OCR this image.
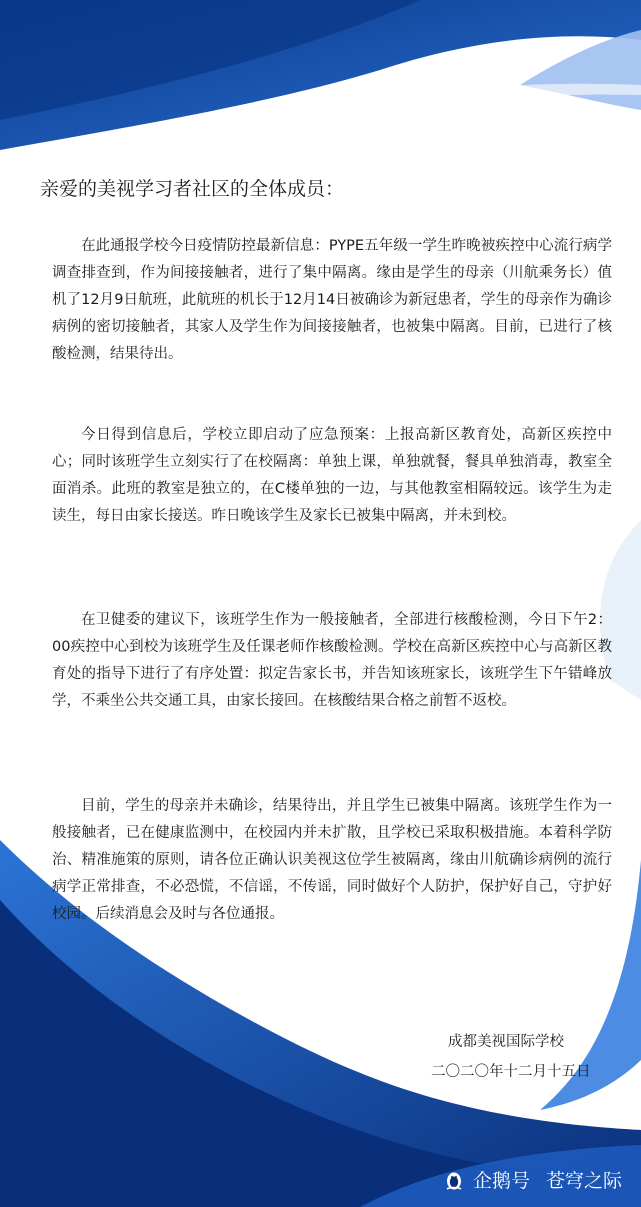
ALEXANDER W
亲爱的美视学习者社区的全体成员：

在此通报学校今日疫情防控最新信息：PYPE五年级一学生昨晚被疾控中心流行病学调查排查到，作为间接接触者，进行了集中隔离。缘由是学生的母亲（川航乘务长）值机了12月9日航班，此航班的机长于12月14日被确诊为新冠患者，学生的母亲作为确诊病例的密切接触者，其家人及学生作为间接接触者，也被集中隔离。目前，已进行了核酸检测，结果待出。

今日得到信息后，学校立即启动了应急预案：上报高新区教育处，高新区疾控中心；同时该班学生立刻实行了在校隔离：单独上课，单独就餐，餐具单独消毒，教室全面消杀。此班的教室是独立的，在C楼单独的一边，与其他教室相隔较远。该学生为走读生，每日由家长接送。昨日晚该学生及家长已被集中隔离，并未到校。

在卫健委的建议下，该班学生作为一般接触者，全部进行核酸检测，今日下午2：00疾控中心到校为该班学生及任课老师作核酸检测。学校在高新区疾控中心与高新区教育处的指导下进行了有序处置：拟定告家长书，并告知该班家长，该班学生下午错峰放学，不乘坐公共交通工具，由家长接回。在核酸结果合格之前暂不返校。

目前，学生的母亲并未确诊，结果待出，并且学生已被集中隔离。该班学生作为一般接触者，已在健康监测中，在校园内并未扩散，且学校已采取积极措施。本着科学防治、精准施策的原则，请各位正确认识美视这位学生被隔离，缘由川航确诊病例的流行病学正常排查，不必恐慌，不信谣，不传谣，同时做好个人防护，保护好自己，守护好校园。后续消息会及时与各位通报。

成都美视国际学校
二〇二〇年十二月十五日
企鹅号 苍穹之际
